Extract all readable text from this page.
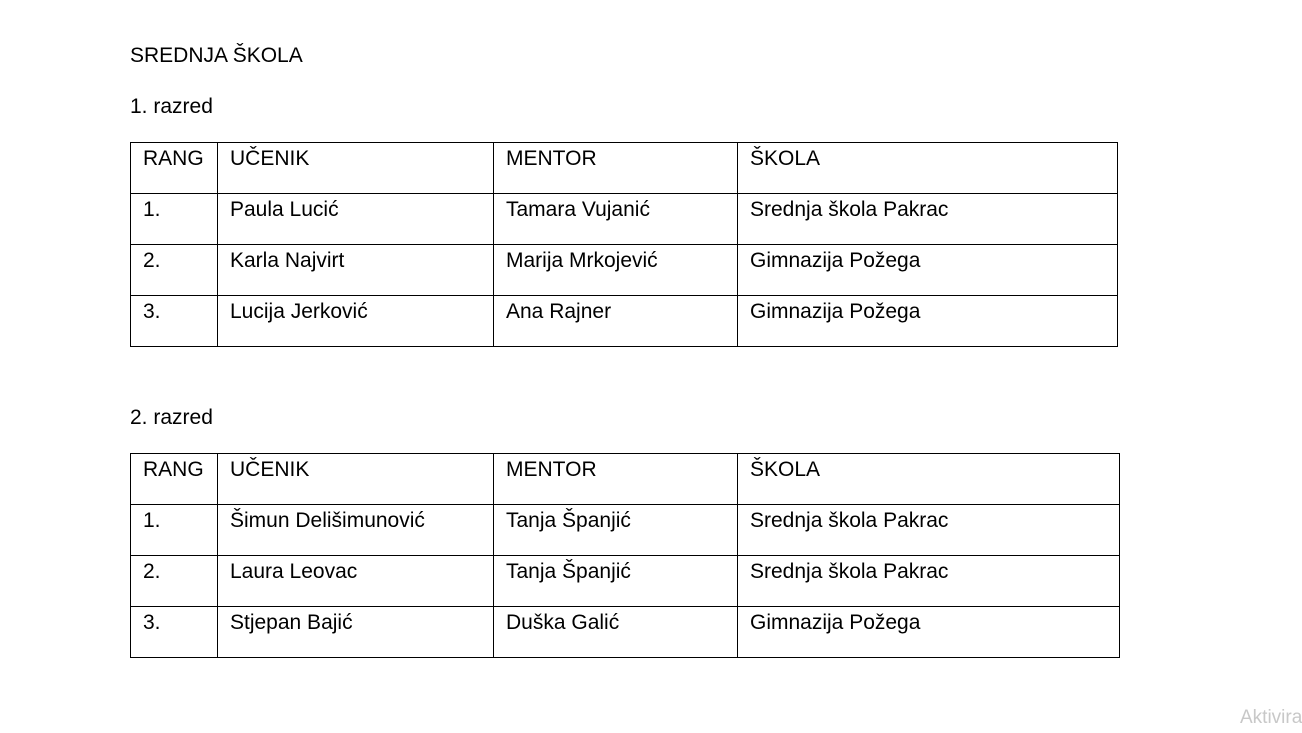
SREDNJA ŠKOLA
1. razred
RANG	UČENIK	MENTOR	ŠKOLA

1.	Paula Lucić	Tamara Vujanić	Srednja škola Pakrac

2.	Karla Najvirt	Marija Mrkojević	Gimnazija Požega

3.	Lucija Jerković	Ana Rajner	Gimnazija Požega
2. razred
RANG	UČENIK	MENTOR	ŠKOLA

1.	Šimun Delišimunović	Tanja Španjić	Srednja škola Pakrac

2.	Laura Leovac	Tanja Španjić	Srednja škola Pakrac

3.	Stjepan Bajić	Duška Galić	Gimnazija Požega
Aktivira
